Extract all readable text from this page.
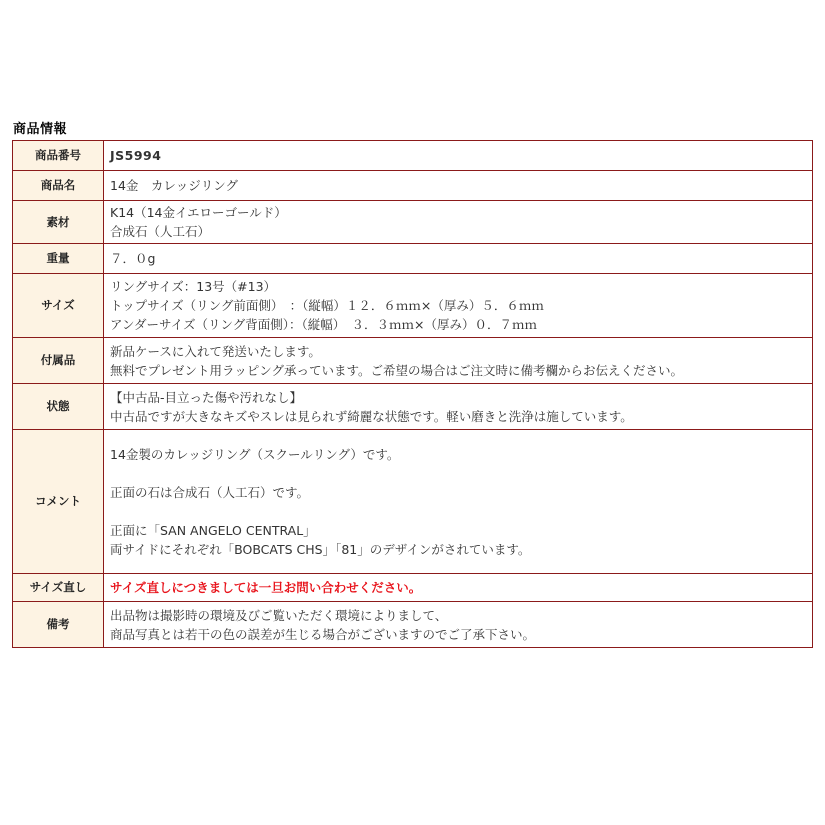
商品情報
商品番号	JS5994

商品名	14金　カレッジリング

素材	K14（14金イエローゴールド）
合成石（人工石）

重量	７．０g

サイズ	リングサイズ：13号（#13）
トップサイズ（リング前面側）　：（縦幅）１２．６ｍｍ×（厚み）５．６ｍｍ
アンダーサイズ（リング背面側）：（縦幅）　３．３ｍｍ×（厚み）０．７ｍｍ

付属品	新品ケースに入れて発送いたします。
無料でプレゼント用ラッピング承っています。ご希望の場合はご注文時に備考欄からお伝えください。

状態	【中古品-目立った傷や汚れなし】
中古品ですが大きなキズやスレは見られず綺麗な状態です。軽い磨きと洗浄は施しています。

コメント	14金製のカレッジリング（スクールリング）です。
正面の石は合成石（人工石）です。
正面に「SAN ANGELO CENTRAL」
両サイドにそれぞれ「BOBCATS CHS」「81」のデザインがされています。

サイズ直し	サイズ直しにつきましては一旦お問い合わせください。

備考	出品物は撮影時の環境及びご覧いただく環境によりまして、
商品写真とは若干の色の誤差が生じる場合がございますのでご了承下さい。
